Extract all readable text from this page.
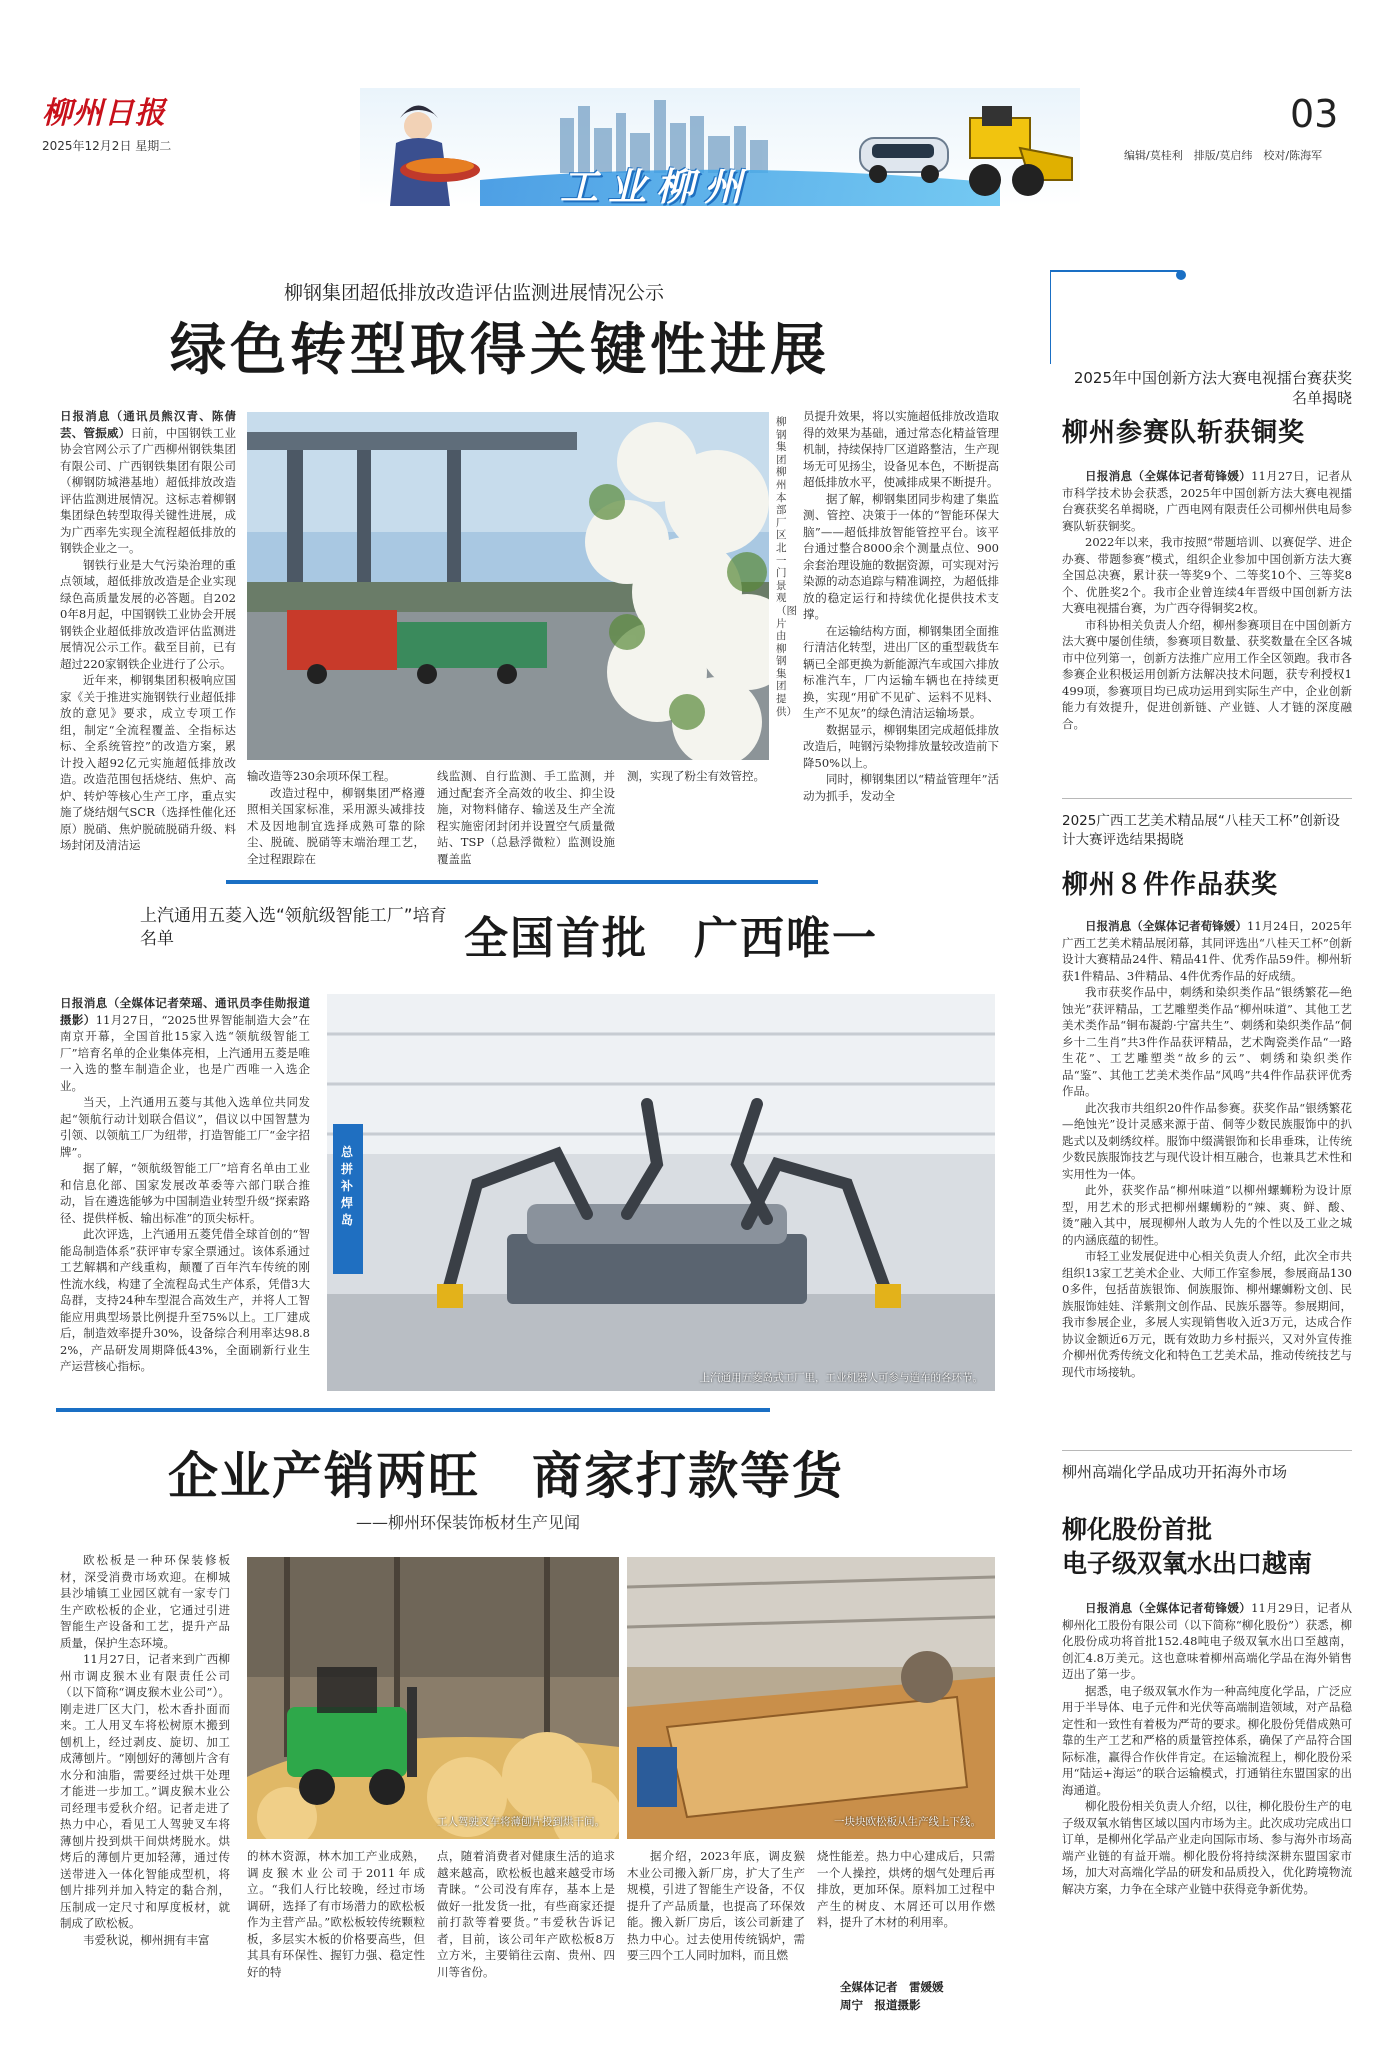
柳州日报
2025年12月2日 星期二
工业柳州
03
编辑/莫桂利　排版/莫启纬　校对/陈海军
柳钢集团超低排放改造评估监测进展情况公示
绿色转型取得关键性进展

日报消息（通讯员熊汉青、陈倩芸、管振威）日前，中国钢铁工业协会官网公示了广西柳州钢铁集团有限公司、广西钢铁集团有限公司（柳钢防城港基地）超低排放改造评估监测进展情况。这标志着柳钢集团绿色转型取得关键性进展，成为广西率先实现全流程超低排放的钢铁企业之一。

钢铁行业是大气污染治理的重点领域，超低排放改造是企业实现绿色高质量发展的必答题。自2020年8月起，中国钢铁工业协会开展钢铁企业超低排放改造评估监测进展情况公示工作。截至目前，已有超过220家钢铁企业进行了公示。

近年来，柳钢集团积极响应国家《关于推进实施钢铁行业超低排放的意见》要求，成立专项工作组，制定“全流程覆盖、全指标达标、全系统管控”的改造方案，累计投入超92亿元实施超低排放改造。改造范围包括烧结、焦炉、高炉、转炉等核心生产工序，重点实施了烧结烟气SCR（选择性催化还原）脱硝、焦炉脱硫脱硝升级、料场封闭及清洁运

柳钢集团柳州本部厂区北一门景观（图片由柳钢集团提供）

员提升效果，将以实施超低排放改造取得的效果为基础，通过常态化精益管理机制，持续保持厂区道路整洁，生产现场无可见扬尘，设备见本色，不断提高超低排放水平，使减排成果不断提升。

据了解，柳钢集团同步构建了集监测、管控、决策于一体的“智能环保大脑”——超低排放智能管控平台。该平台通过整合8000余个测量点位、900余套治理设施的数据资源，可实现对污染源的动态追踪与精准调控，为超低排放的稳定运行和持续优化提供技术支撑。

在运输结构方面，柳钢集团全面推行清洁化转型，进出厂区的重型载货车辆已全部更换为新能源汽车或国六排放标准汽车，厂内运输车辆也在持续更换，实现“用矿不见矿、运料不见料、生产不见灰”的绿色清洁运输场景。

数据显示，柳钢集团完成超低排放改造后，吨钢污染物排放量较改造前下降50%以上。

同时，柳钢集团以“精益管理年”活动为抓手，发动全

输改造等230余项环保工程。

改造过程中，柳钢集团严格遵照相关国家标准，采用源头减排技术及因地制宜选择成熟可靠的除尘、脱硫、脱硝等末端治理工艺，全过程跟踪在

线监测、自行监测、手工监测，并通过配套齐全高效的收尘、抑尘设施，对物料储存、输送及生产全流程实施密闭封闭并设置空气质量微站、TSP（总悬浮微粒）监测设施覆盖监

测，实现了粉尘有效管控。

上汽通用五菱入选“领航级智能工厂”培育名单	全国首批　广西唯一

日报消息（全媒体记者荣瑶、通讯员李佳勋报道摄影）11月27日，“2025世界智能制造大会”在南京开幕，全国首批15家入选“领航级智能工厂”培育名单的企业集体亮相，上汽通用五菱是唯一入选的整车制造企业，也是广西唯一入选企业。

当天，上汽通用五菱与其他入选单位共同发起“领航行动计划联合倡议”，倡议以中国智慧为引领、以领航工厂为纽带，打造智能工厂“金字招牌”。

据了解，“领航级智能工厂”培育名单由工业和信息化部、国家发展改革委等六部门联合推动，旨在遴选能够为中国制造业转型升级“探索路径、提供样板、输出标准”的顶尖标杆。

此次评选，上汽通用五菱凭借全球首创的“智能岛制造体系”获评审专家全票通过。该体系通过工艺解耦和产线重构，颠覆了百年汽车传统的刚性流水线，构建了全流程岛式生产体系，凭借3大岛群，支持24种车型混合高效生产，并将人工智能应用典型场景比例提升至75%以上。工厂建成后，制造效率提升30%，设备综合利用率达98.82%，产品研发周期降低43%，全面刷新行业生产运营核心指标。

总拼补焊岛
上汽通用五菱岛式工厂里，工业机器人可参与造车的各环节。
企业产销两旺　商家打款等货
——柳州环保装饰板材生产见闻

欧松板是一种环保装修板材，深受消费市场欢迎。在柳城县沙埔镇工业园区就有一家专门生产欧松板的企业，它通过引进智能生产设备和工艺，提升产品质量，保护生态环境。

11月27日，记者来到广西柳州市调皮猴木业有限责任公司（以下简称“调皮猴木业公司”）。刚走进厂区大门，松木香扑面而来。工人用叉车将松树原木搬到刨机上，经过剥皮、旋切、加工成薄刨片。“刚刨好的薄刨片含有水分和油脂，需要经过烘干处理才能进一步加工。”调皮猴木业公司经理韦爱秋介绍。记者走进了热力中心，看见工人驾驶叉车将薄刨片投到烘干间烘烤脱水。烘烤后的薄刨片更加轻薄，通过传送带进入一体化智能成型机，将刨片排列并加入特定的黏合剂，压制成一定尺寸和厚度板材，就制成了欧松板。

韦爱秋说，柳州拥有丰富

工人驾驶叉车将薄刨片投到烘干间。	一块块欧松板从生产线上下线。

的林木资源，林木加工产业成熟，调皮猴木业公司于2011年成立。“我们人行比较晚，经过市场调研，选择了有市场潜力的欧松板作为主营产品。”欧松板较传统颗粒板，多层实木板的价格要高些，但其具有环保性、握钉力强、稳定性好的特

点，随着消费者对健康生活的追求越来越高，欧松板也越来越受市场青睐。“公司没有库存，基本上是做好一批发货一批，有些商家还提前打款等着要货。”韦爱秋告诉记者，目前，该公司年产欧松板8万立方米，主要销往云南、贵州、四川等省份。

据介绍，2023年底，调皮猴木业公司搬入新厂房，扩大了生产规模，引进了智能生产设备，不仅提升了产品质量，也提高了环保效能。搬入新厂房后，该公司新建了热力中心。过去使用传统锅炉，需要三四个工人同时加料，而且燃

烧性能差。热力中心建成后，只需一个人操控，烘烤的烟气处理后再排放，更加环保。原料加工过程中产生的树皮、木屑还可以用作燃料，提升了木材的利用率。

全媒体记者　雷媛媛
周宁　报道摄影
2025年中国创新方法大赛电视擂台赛获奖名单揭晓
柳州参赛队斩获铜奖

日报消息（全媒体记者荀锋媛）11月27日，记者从市科学技术协会获悉，2025年中国创新方法大赛电视擂台赛获奖名单揭晓，广西电网有限责任公司柳州供电局参赛队斩获铜奖。

2022年以来，我市按照“带题培训、以赛促学、进企办赛、带题参赛”模式，组织企业参加中国创新方法大赛全国总决赛，累计获一等奖9个、二等奖10个、三等奖8个、优胜奖2个。我市企业曾连续4年晋级中国创新方法大赛电视擂台赛，为广西夺得铜奖2枚。

市科协相关负责人介绍，柳州参赛项目在中国创新方法大赛中屡创佳绩，参赛项目数量、获奖数量在全区各城市中位列第一，创新方法推广应用工作全区领跑。我市各参赛企业积极运用创新方法解决技术问题，获专利授权1499项，参赛项目均已成功运用到实际生产中，企业创新能力有效提升，促进创新链、产业链、人才链的深度融合。

2025广西工艺美术精品展“八桂天工杯”创新设计大赛评选结果揭晓
柳州８件作品获奖

日报消息（全媒体记者荀锋媛）11月24日，2025年广西工艺美术精品展闭幕，其同评选出“八桂天工杯”创新设计大赛精品24件、精品41件、优秀作品59件。柳州斩获1件精品、3件精品、4件优秀作品的好成绩。

我市获奖作品中，刺绣和染织类作品“银绣繁花—绝蚀光”获评精品，工艺雕塑类作品“柳州味道”、其他工艺美术类作品“铜布凝韵·宁富共生”、刺绣和染织类作品“侗乡十二生肖”共3件作品获评精品，艺术陶瓷类作品“一路生花”、工艺雕塑类“故乡的云”、刺绣和染织类作品“鉴”、其他工艺美术类作品“风鸣”共4件作品获评优秀作品。

此次我市共组织20件作品参赛。获奖作品“银绣繁花—绝蚀光”设计灵感来源于苗、侗等少数民族服饰中的扒匙式以及刺绣纹样。服饰中缀满银饰和长串垂珠，让传统少数民族服饰技艺与现代设计相互融合，也兼具艺术性和实用性为一体。

此外，获奖作品“柳州味道”以柳州螺蛳粉为设计原型，用艺术的形式把柳州螺蛳粉的“辣、爽、鲜、酸、烫”融入其中，展现柳州人敢为人先的个性以及工业之城的内涵底蕴的韧性。

市轻工业发展促进中心相关负责人介绍，此次全市共组织13家工艺美术企业、大师工作室参展，参展商品1300多件，包括苗族银饰、侗族服饰、柳州螺蛳粉文创、民族服饰娃娃、洋紫荆文创作品、民族乐器等。参展期间，我市参展企业，多展人实现销售收入近3万元，达成合作协议金额近6万元，既有效助力乡村振兴，又对外宣传推介柳州优秀传统文化和特色工艺美术品，推动传统技艺与现代市场接轨。

柳州高端化学品成功开拓海外市场
柳化股份首批
电子级双氧水出口越南

日报消息（全媒体记者荀锋媛）11月29日，记者从柳州化工股份有限公司（以下简称“柳化股份”）获悉，柳化股份成功将首批152.48吨电子级双氧水出口至越南，创汇4.8万美元。这也意味着柳州高端化学品在海外销售迈出了第一步。

据悉，电子级双氧水作为一种高纯度化学品，广泛应用于半导体、电子元件和光伏等高端制造领域，对产品稳定性和一致性有着极为严苛的要求。柳化股份凭借成熟可靠的生产工艺和严格的质量管控体系，确保了产品符合国际标准，赢得合作伙伴肯定。在运输流程上，柳化股份采用“陆运+海运”的联合运输模式，打通销往东盟国家的出海通道。

柳化股份相关负责人介绍，以往，柳化股份生产的电子级双氧水销售区域以国内市场为主。此次成功完成出口订单，是柳州化学品产业走向国际市场、参与海外市场高端产业链的有益开端。柳化股份将持续深耕东盟国家市场，加大对高端化学品的研发和品质投入，优化跨境物流解决方案，力争在全球产业链中获得竞争新优势。
